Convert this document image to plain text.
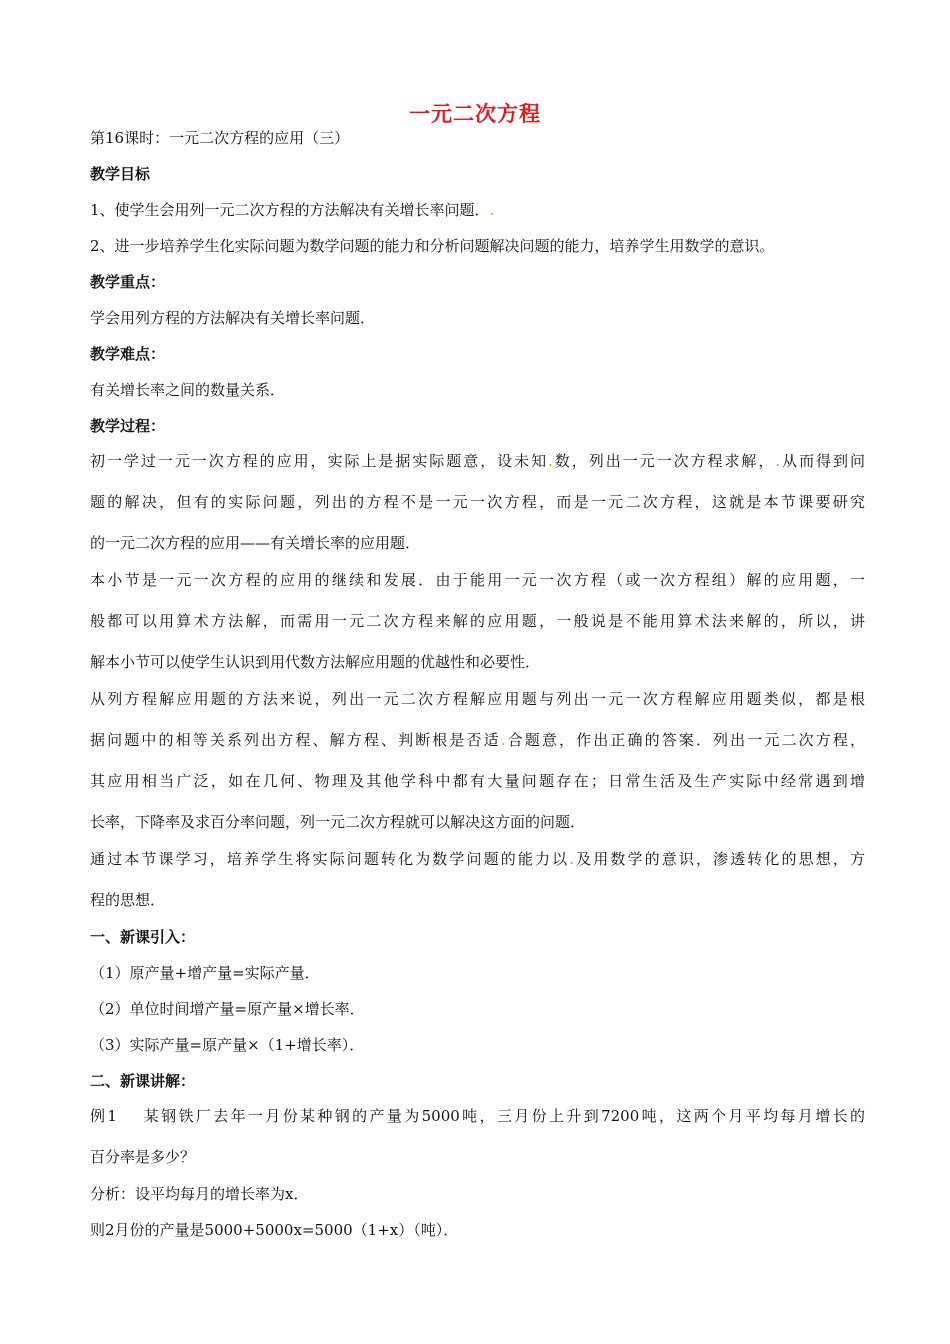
一元二次方程
第16课时：一元二次方程的应用（三）
教学目标
1、使学生会用列一元二次方程的方法解决有关增长率问题．.
2、进一步培养学生化实际问题为数学问题的能力和分析问题解决问题的能力，培养学生用数学的意识。
教学重点：
学会用列方程的方法解决有关增长率问题．
教学难点：
有关增长率之间的数量关系．
教学过程：
初一学过一元一次方程的应用，实际上是据实际题意，设未知.数，列出一元一次方程求解，.从而得到问
题的解决，但有的实际问题，列出的方程不是一元一次方程，而是一元二次方程，这就是本节课要研究
的一元二次方程的应用——有关增长率的应用题．
本小节是一元一次方程的应用的继续和发展．由于能用一元一次方程（或一次方程组）解的应用题，一
般都可以用算术方法解，而需用一元二次方程来解的应用题，一般说是不能用算术法来解的，所以，讲
解本小节可以使学生认识到用代数方法解应用题的优越性和必要性．
从列方程解应用题的方法来说，列出一元二次方程解应用题与列出一元一次方程解应用题类似，都是根
据问题中的相等关系列出方程、解方程、判断根是否适.合题意，作出正确的答案．列出一元二次方程，
其应用相当广泛，如在几何、物理及其他学科中都有大量问题存在；日常生活及生产实际中经常遇到增
长率，下降率及求百分率问题，列一元二次方程就可以解决这方面的问题．
通过本节课学习，培养学生将实际问题转化为数学问题的能力以.及用数学的意识，渗透转化的思想，方
程的思想．
一、新课引入：
（1）原产量+增产量=实际产量．
（2）单位时间增产量=原产量×增长率．
（3）实际产量=原产量×（1+增长率）．
二、新课讲解：
例1　 某钢铁厂去年一月份某种钢的产量为5000吨，三月份上升到7200吨，这两个月平均每月增长的
百分率是多少？
分析：设平均每月的增长率为x．
则2月份的产量是5000+5000x=5000（1+x）（吨）．
